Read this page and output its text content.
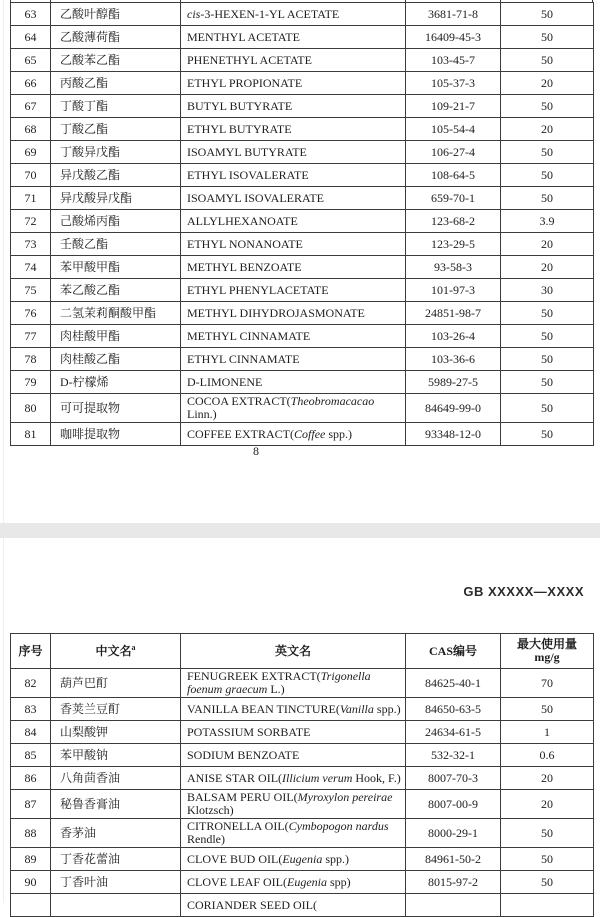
63	乙酸叶醇酯	cis-3-HEXEN-1-YL ACETATE	3681-71-8	50
64	乙酸薄荷酯	MENTHYL ACETATE	16409-45-3	50
65	乙酸苯乙酯	PHENETHYL ACETATE	103-45-7	50
66	丙酸乙酯	ETHYL PROPIONATE	105-37-3	20
67	丁酸丁酯	BUTYL BUTYRATE	109-21-7	50
68	丁酸乙酯	ETHYL BUTYRATE	105-54-4	20
69	丁酸异戊酯	ISOAMYL BUTYRATE	106-27-4	50
70	异戊酸乙酯	ETHYL ISOVALERATE	108-64-5	50
71	异戊酸异戊酯	ISOAMYL ISOVALERATE	659-70-1	50
72	己酸烯丙酯	ALLYLHEXANOATE	123-68-2	3.9
73	壬酸乙酯	ETHYL NONANOATE	123-29-5	20
74	苯甲酸甲酯	METHYL BENZOATE	93-58-3	20
75	苯乙酸乙酯	ETHYL PHENYLACETATE	101-97-3	30
76	二氢茉莉酮酸甲酯	METHYL DIHYDROJASMONATE	24851-98-7	50
77	肉桂酸甲酯	METHYL CINNAMATE	103-26-4	50
78	肉桂酸乙酯	ETHYL CINNAMATE	103-36-6	50
79	D-柠檬烯	D-LIMONENE	5989-27-5	50
80	可可提取物	COCOA EXTRACT(Theobromacacao Linn.)	84649-99-0	50
81	咖啡提取物	COFFEE EXTRACT(Coffee spp.)	93348-12-0	50
8
GB XXXXX—XXXX
序号	中文名$^a$	英文名	CAS编号	最大使用量
mg/g

82	葫芦巴酊	FENUGREEK EXTRACT(Trigonella foenum graecum L.)	84625-40-1	70
83	香荚兰豆酊	VANILLA BEAN TINCTURE(Vanilla spp.)	84650-63-5	50
84	山梨酸钾	POTASSIUM SORBATE	24634-61-5	1
85	苯甲酸钠	SODIUM BENZOATE	532-32-1	0.6
86	八角茴香油	ANISE STAR OIL(Illicium verum Hook, F.)	8007-70-3	20
87	秘鲁香膏油	BALSAM PERU OIL(Myroxylon pereirae Klotzsch)	8007-00-9	20
88	香茅油	CITRONELLA OIL(Cymbopogon nardus Rendle)	8000-29-1	50
89	丁香花蕾油	CLOVE BUD OIL(Eugenia spp.)	84961-50-2	50
90	丁香叶油	CLOVE LEAF OIL(Eugenia spp)	8015-97-2	50
		CORIANDER SEED OIL(		
